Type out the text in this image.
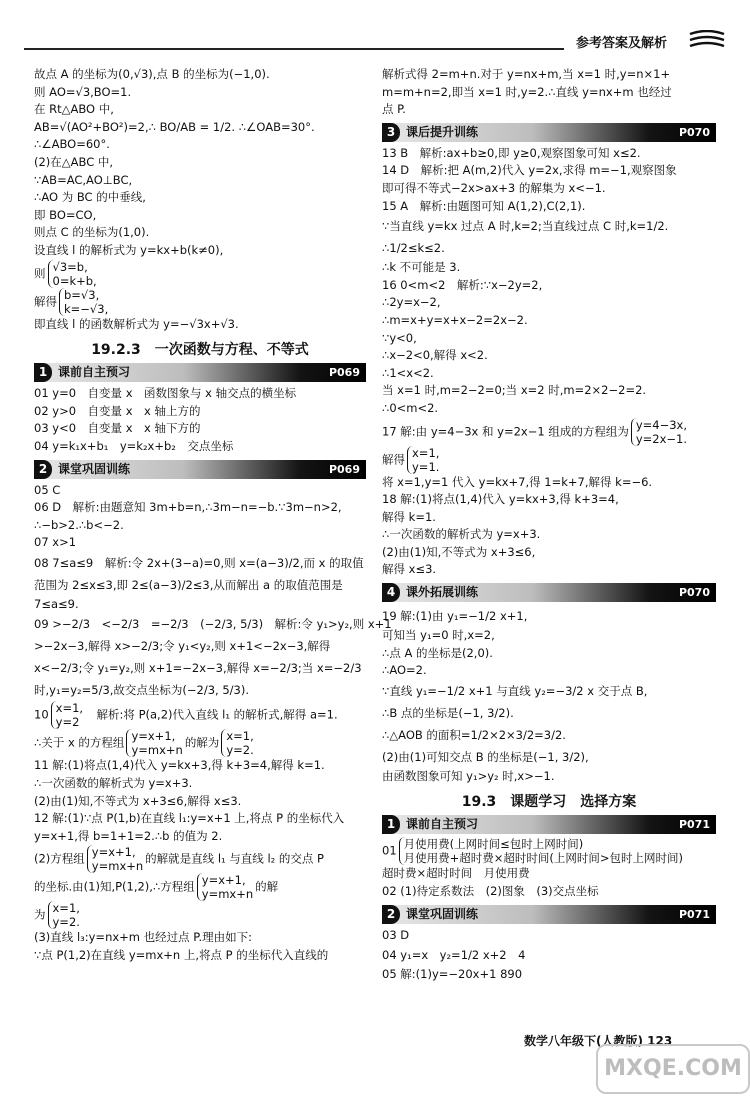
参考答案及解析
故点 A 的坐标为(0,√3),点 B 的坐标为(−1,0).
则 AO=√3,BO=1.
在 Rt△ABO 中,
AB=√(AO²+BO²)=2,∴ BO/AB = 1/2. ∴∠OAB=30°.
∴∠ABO=60°.
(2)在△ABC 中,
∵AB=AC,AO⊥BC,
∴AO 为 BC 的中垂线,
即 BO=CO,
则点 C 的坐标为(1,0).
设直线 l 的解析式为 y=kx+b(k≠0),
则 √3=b,
0=k+b,
解得 b=√3,
k=−√3,
即直线 l 的函数解析式为 y=−√3x+√3.
19.2.3　一次函数与方程、不等式
1 课前自主预习	P069
01 y=0　自变量 x　函数图象与 x 轴交点的横坐标
02 y>0　自变量 x　x 轴上方的
03 y<0　自变量 x　x 轴下方的
04 y=k₁x+b₁　y=k₂x+b₂　交点坐标
2 课堂巩固训练	P069
05 C
06 D　解析:由题意知 3m+b=n,∴3m−n=−b.∵3m−n>2,
∴−b>2.∴b<−2.
07 x>1
08 7≤a≤9　解析:令 2x+(3−a)=0,则 x=(a−3)/2,而 x 的取值
范围为 2≤x≤3,即 2≤(a−3)/2≤3,从而解出 a 的取值范围是
7≤a≤9.
09 >−2/3　<−2/3　=−2/3　(−2/3, 5/3)　解析:令 y₁>y₂,则 x+1
>−2x−3,解得 x>−2/3;令 y₁<y₂,则 x+1<−2x−3,解得
x<−2/3;令 y₁=y₂,则 x+1=−2x−3,解得 x=−2/3;当 x=−2/3
时,y₁=y₂=5/3,故交点坐标为(−2/3, 5/3).
10 x=1,
y=2
　解析:将 P(a,2)代入直线 l₁ 的解析式,解得 a=1.
∴关于 x 的方程组 y=x+1,
y=mx+n
的解为 x=1,
y=2.
11 解:(1)将点(1,4)代入 y=kx+3,得 k+3=4,解得 k=1.
∴一次函数的解析式为 y=x+3.
(2)由(1)知,不等式为 x+3≤6,解得 x≤3.
12 解:(1)∵点 P(1,b)在直线 l₁:y=x+1 上,将点 P 的坐标代入
y=x+1,得 b=1+1=2.∴b 的值为 2.
(2)方程组 y=x+1,
y=mx+n
的解就是直线 l₁ 与直线 l₂ 的交点 P
的坐标.由(1)知,P(1,2),∴方程组 y=x+1,
y=mx+n
的解
为 x=1,
y=2.
(3)直线 l₃:y=nx+m 也经过点 P.理由如下:
∵点 P(1,2)在直线 y=mx+n 上,将点 P 的坐标代入直线的
解析式得 2=m+n.对于 y=nx+m,当 x=1 时,y=n×1+
m=m+n=2,即当 x=1 时,y=2.∴直线 y=nx+m 也经过
点 P.
3 课后提升训练	P070
13 B　解析:ax+b≥0,即 y≥0,观察图象可知 x≤2.
14 D　解析:把 A(m,2)代入 y=2x,求得 m=−1,观察图象
即可得不等式−2x>ax+3 的解集为 x<−1.
15 A　解析:由题图可知 A(1,2),C(2,1).
∵当直线 y=kx 过点 A 时,k=2;当直线过点 C 时,k=1/2.
∴1/2≤k≤2.
∴k 不可能是 3.
16 0<m<2　解析:∵x−2y=2,
∴2y=x−2,
∴m=x+y=x+x−2=2x−2.
∵y<0,
∴x−2<0,解得 x<2.
∴1<x<2.
当 x=1 时,m=2−2=0;当 x=2 时,m=2×2−2=2.
∴0<m<2.
17 解:由 y=4−3x 和 y=2x−1 组成的方程组为 y=4−3x,
y=2x−1.
解得 x=1,
y=1.
将 x=1,y=1 代入 y=kx+7,得 1=k+7,解得 k=−6.
18 解:(1)将点(1,4)代入 y=kx+3,得 k+3=4,
解得 k=1.
∴一次函数的解析式为 y=x+3.
(2)由(1)知,不等式为 x+3≤6,
解得 x≤3.
4 课外拓展训练	P070
19 解:(1)由 y₁=−1/2 x+1,
可知当 y₁=0 时,x=2,
∴点 A 的坐标是(2,0).
∴AO=2.
∵直线 y₁=−1/2 x+1 与直线 y₂=−3/2 x 交于点 B,
∴B 点的坐标是(−1, 3/2).
∴△AOB 的面积=1/2×2×3/2=3/2.
(2)由(1)可知交点 B 的坐标是(−1, 3/2),
由函数图象可知 y₁>y₂ 时,x>−1.
19.3　课题学习　选择方案
1 课前自主预习	P071
01 月使用费(上网时间≤包时上网时间)
月使用费+超时费×超时时间(上网时间>包时上网时间)
超时费×超时时间　月使用费
02 (1)待定系数法　(2)图象　(3)交点坐标
2 课堂巩固训练	P071
03 D
04 y₁=x　y₂=1/2 x+2　4
05 解:(1)y=−20x+1 890
数学八年级下(人教版) 123
MXQE.COM
